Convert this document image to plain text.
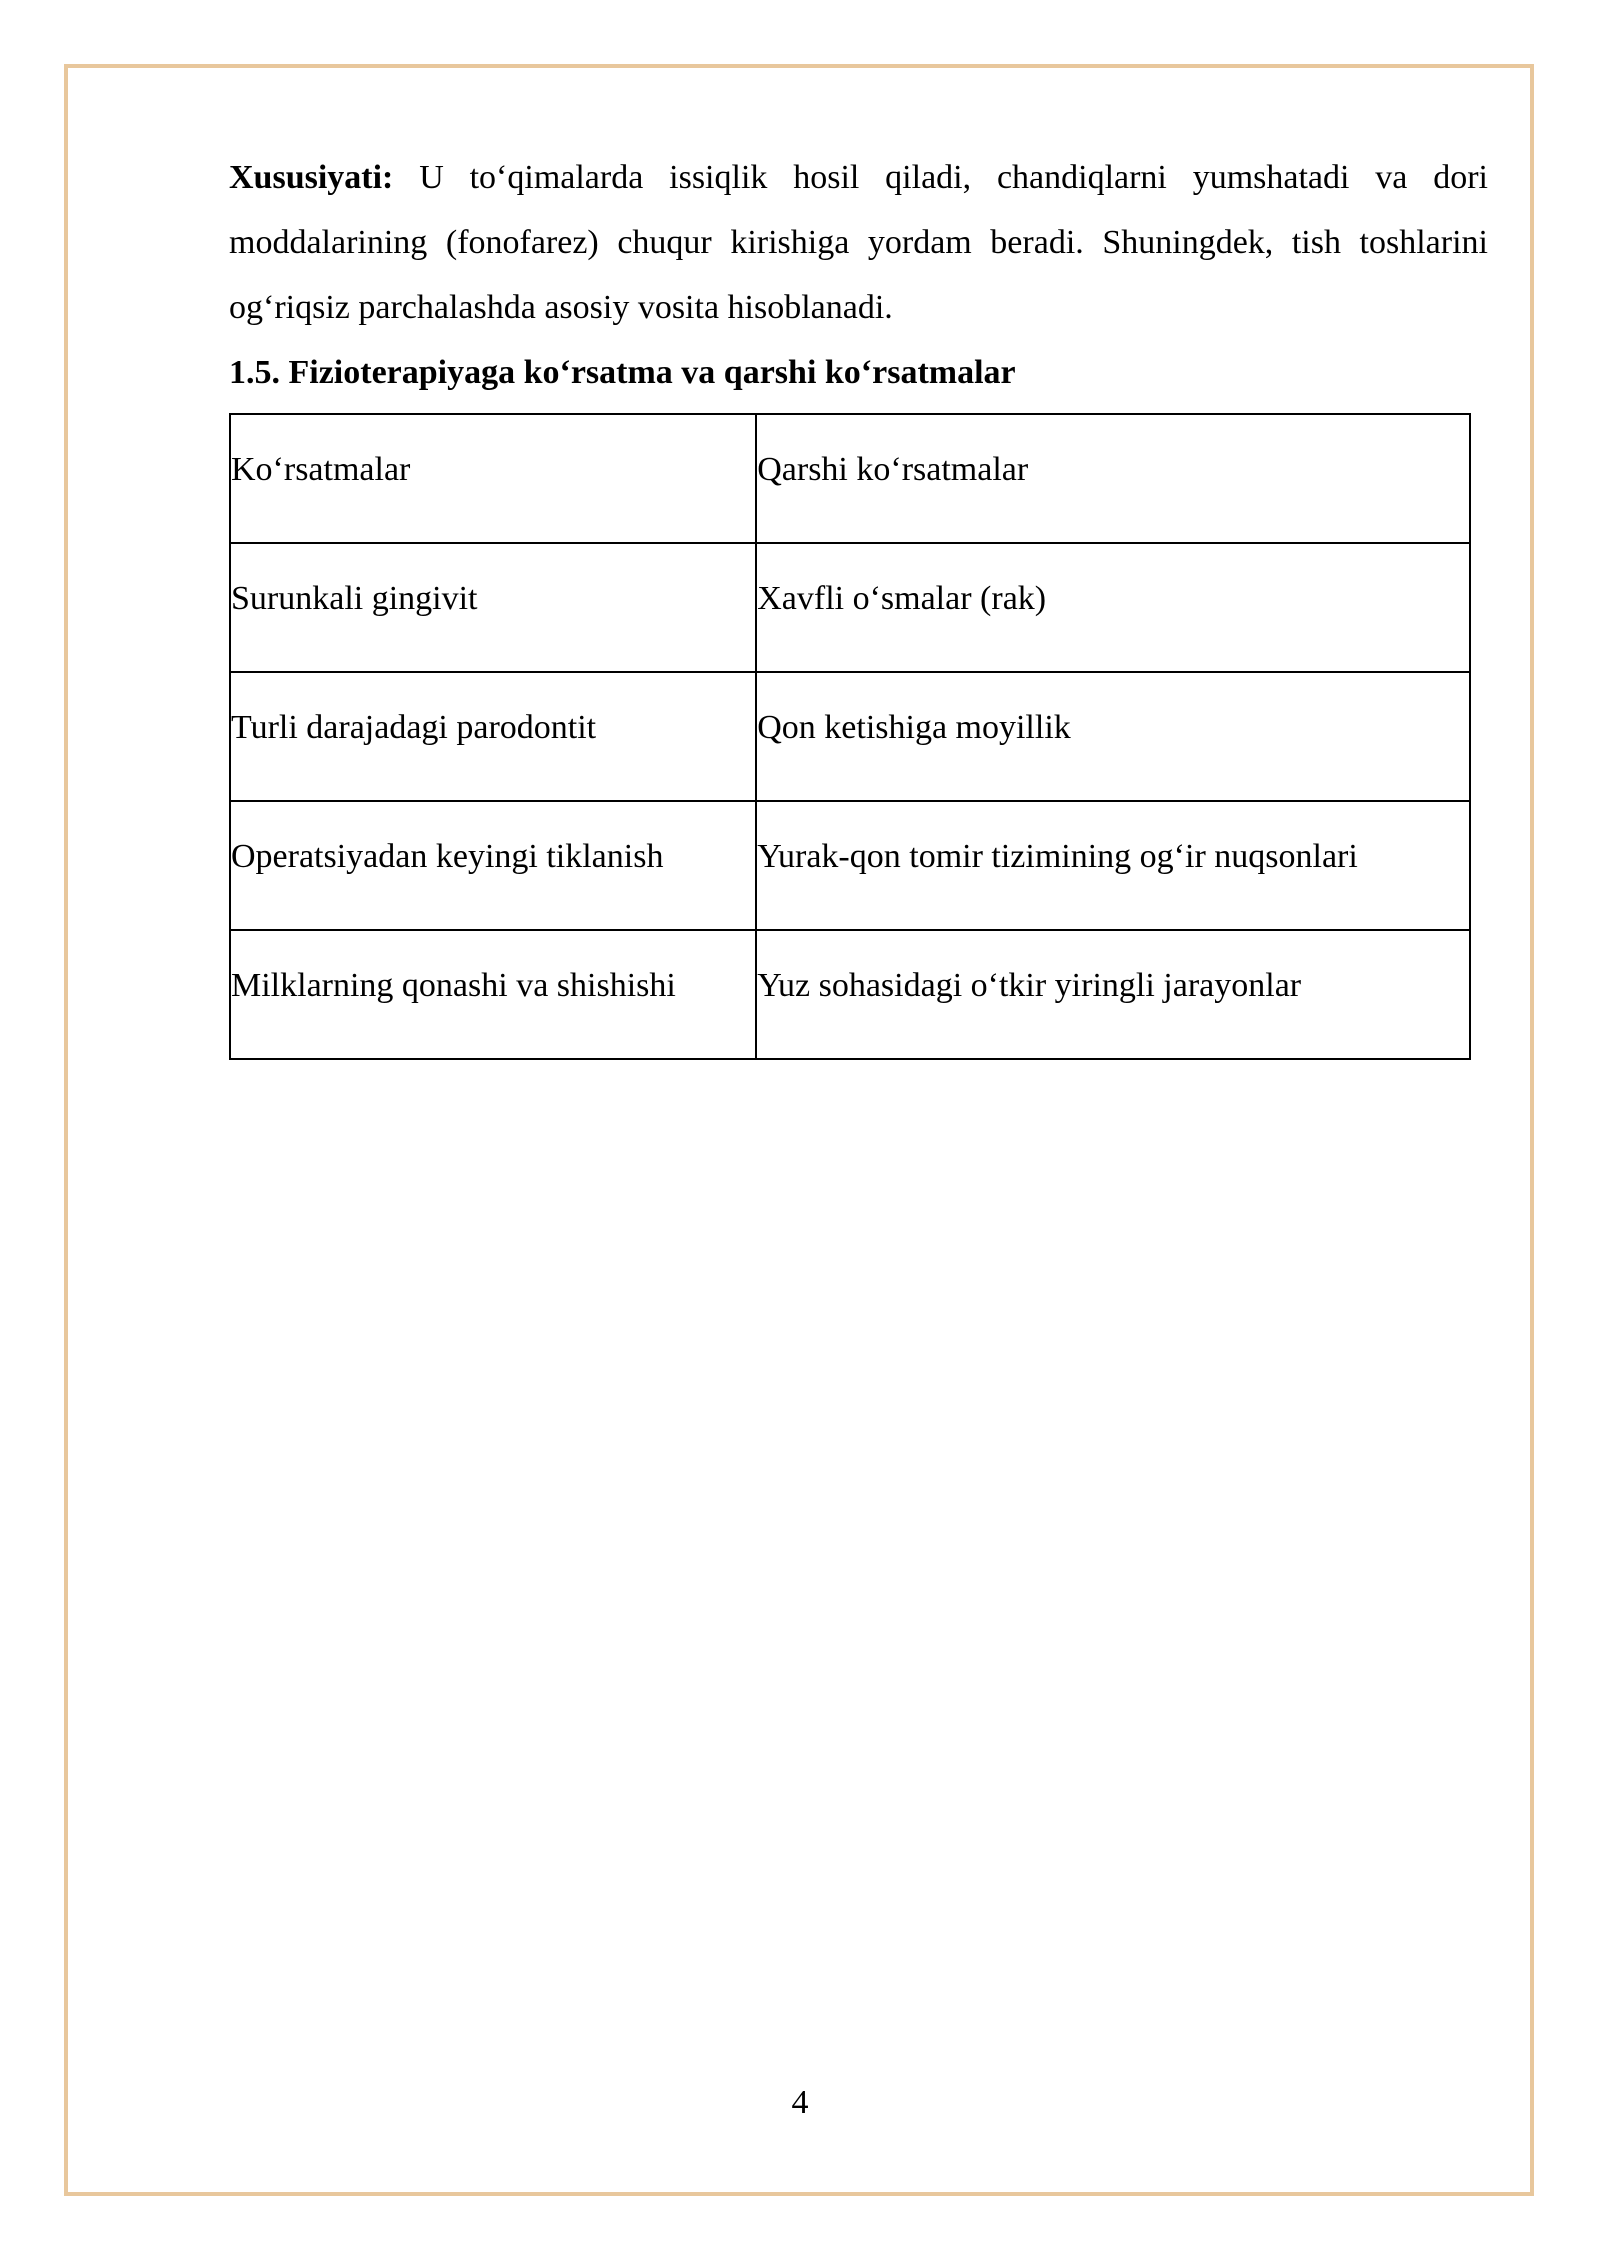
Xususiyati: U to‘qimalarda issiqlik hosil qiladi, chandiqlarni yumshatadi va dori moddalarining (fonofarez) chuqur kirishiga yordam beradi. Shuningdek, tish toshlarini og‘riqsiz parchalashda asosiy vosita hisoblanadi.

1.5. Fizioterapiyaga ko‘rsatma va qarshi ko‘rsatmalar

Ko‘rsatmalar	Qarshi ko‘rsatmalar
Surunkali gingivit	Xavfli o‘smalar (rak)
Turli darajadagi parodontit	Qon ketishiga moyillik
Operatsiyadan keyingi tiklanish	Yurak-qon tomir tizimining og‘ir nuqsonlari
Milklarning qonashi va shishishi	Yuz sohasidagi o‘tkir yiringli jarayonlar
4
